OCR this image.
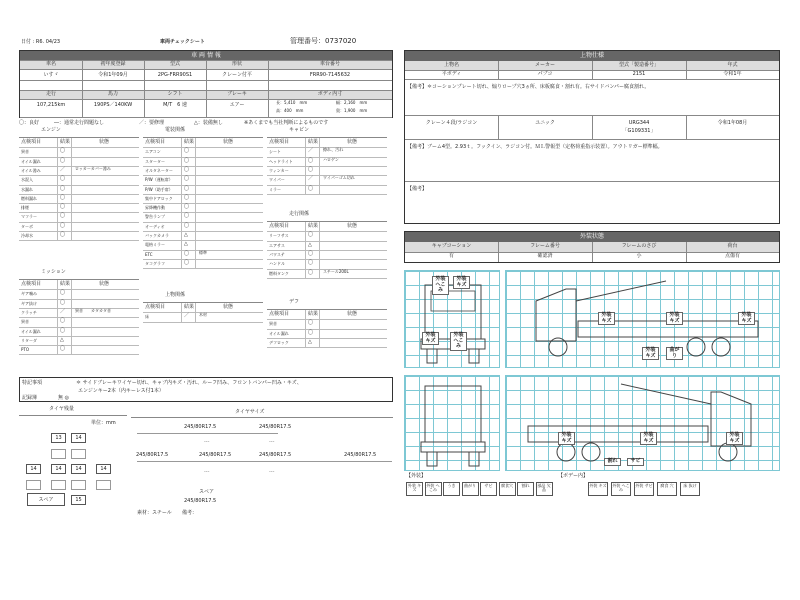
日付 : R6. 04/23	車両チェックシート	管理番号：0737020
車 両 情 報
車名	初年度登録	型式	形状	車台番号
いすゞ	令和1年09月	2PG-FRR90S1	クレーン付平	FRR90-7145632
走行	馬力	シフト	ブレーキ	ボディ内寸
107,215km	190PS／140KW	M/T　6 速	エアー	長：5,410　mm	幅：2,160　mm
高：400　mm	奥：1,900　mm
〇：良好	―：通常走行問題なし	／：要修理	△：装備無し	※あくまでも当社判断によるものです
エンジン
点検項目	結果	状態
異音	〇
オイル漏れ	〇
オイル滲み	／ ロッカーカバー滲み
水混入	〇
水漏れ	〇
燃料漏れ	〇
排煙	〇
マフラー	〇
ターボ	〇
冷却水	〇
電装関係
点検項目	結果	状態
エアコン	〇
スターター	〇
オルタネーター 〇
P/W（運転席） 〇
P/W（助手席） 〇
集中ドアロック 〇
昇降機作動	〇
警告ランプ	〇
オーディオ	〇
バックカメラ	△
電格ミラー	△
ETC	〇 標準
タコグラフ	〇
キャビン
点検項目	結果	状態
シート	／ 擦れ、汚れ
ヘッドライト	〇 ハロゲン
ウィンカー	〇
ワイパー	／ ワイパーゴム切れ
ミラー	〇
走行関係
点検項目	結果	状態
リーフサス	〇
エアサス	△
パワステ	〇
ハンドル	〇
燃料タンク	〇 スチール200L
ミッション
点検項目	結果	状態
ギア噛み	〇
ギア抜け	〇
クラッチ	／ 異音　　カタカタ音
異音	〇
オイル漏れ	〇
リターダ	△
PTO	〇
上物関係
点検項目	結果	状態
床	／ 木材
デフ
点検項目	結果	状態
異音	〇
オイル漏れ	〇
デフロック	△
特記事項	＊ サイドブレーキワイヤー切れ、キャブ内キズ・汚れ、ルーフ凹み、フロントバンパー凹み・キズ、
エンジンキー2本（内キーレス付1本）
記録簿	無 ◎
タイヤ残量
単位：mm
タイヤサイズ
13	14
14	14	14	14
15
スペア
245/80R17.5	245/80R17.5
245/80R17.5	245/80R17.5	245/80R17.5	245/80R17.5
---	---
---	---
スペア
245/80R17.5
素材：スチール 備考：
上物仕様
上物名	メーカー	型式「製造番号」	年式
平ボディ	パブコ	2151	令和1年
【備考】＊コーションプレート切れ、煽りロープ穴3ヵ所、床板腐食・割れ有。右サイドバンパー腐食割れ。
クレーン４段/ラジコン	ユニック	URG344	令和1年08月
「G109331」
【備考】ブーム4型。2.93ｔ。フックイン、ラジコン付。ＭＬ警報型（定格荷重指示装置）。アウトリガー標準幅。
【備考】
外装状態
キャブコーション	フレーム番号	フレームのさび	荷台
有	確認済	小	点傷有
外装 へこみ
外装 キズ
外装 キズ
外装 へこみ
外装 キズ
外装 キズ
外装 キズ
外装 キズ
曲がり
外装 キズ
外装 キズ
外装 キズ
割れ	サビ
【外装】	【ボデー内】
外装 キズ
外装 へこみ
うき	曲がり	サビ	腐食穴	割れ	部品 欠品
外装 キズ	外装 へこみ
外装 サビ	腐食 穴	床 抜け
